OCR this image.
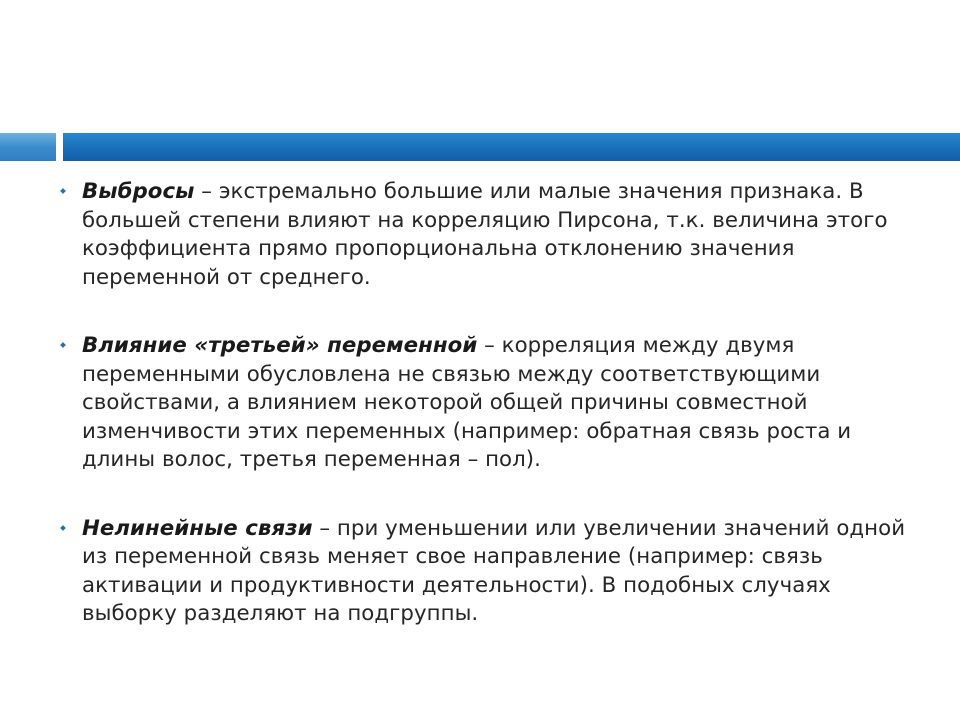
Выбросы – экстремально большие или малые значения признака. В большей степени влияют на корреляцию Пирсона, т.к. величина этого коэффициента прямо пропорциональна отклонению значения переменной от среднего.
Влияние «третьей» переменной – корреляция между двумя переменными обусловлена не связью между соответствующими свойствами, а влиянием некоторой общей причины совместной изменчивости этих переменных (например: обратная связь роста и длины волос, третья переменная – пол).
Нелинейные связи – при уменьшении или увеличении значений одной из переменной связь меняет свое направление (например: связь активации и продуктивности деятельности). В подобных случаях выборку разделяют на подгруппы.
